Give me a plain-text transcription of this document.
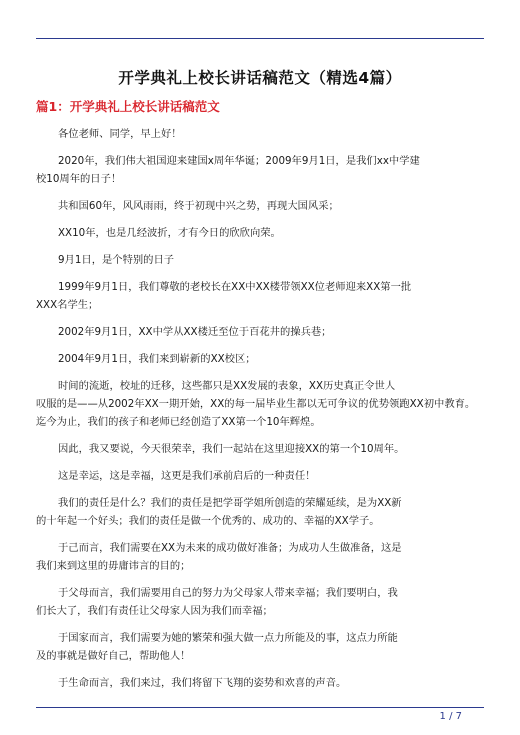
开学典礼上校长讲话稿范文（精选4篇）
篇1：开学典礼上校长讲话稿范文
各位老师、同学，早上好！
2020年，我们伟大祖国迎来建国x周年华诞；2009年9月1日，是我们xx中学建
校10周年的日子！
共和国60年，风风雨雨，终于初现中兴之势，再现大国风采；
XX10年，也是几经波折，才有今日的欣欣向荣。
9月1日，是个特别的日子
1999年9月1日，我们尊敬的老校长在XX中XX楼带领XX位老师迎来XX第一批
XXX名学生；
2002年9月1日，XX中学从XX楼迁至位于百花井的操兵巷；
2004年9月1日，我们来到崭新的XX校区；
时间的流逝，校址的迁移，这些都只是XX发展的表象，XX历史真正令世人
叹服的是——从2002年XX一期开始，XX的每一届毕业生都以无可争议的优势领跑XX初中教育。
迄今为止，我们的孩子和老师已经创造了XX第一个10年辉煌。
因此，我又要说，今天很荣幸，我们一起站在这里迎接XX的第一个10周年。
这是幸运，这是幸福，这更是我们承前启后的一种责任！
我们的责任是什么？我们的责任是把学哥学姐所创造的荣耀延续，是为XX新
的十年起一个好头；我们的责任是做一个优秀的、成功的、幸福的XX学子。
于己而言，我们需要在XX为未来的成功做好准备；为成功人生做准备，这是
我们来到这里的毋庸讳言的目的；
于父母而言，我们需要用自己的努力为父母家人带来幸福；我们要明白，我
们长大了，我们有责任让父母家人因为我们而幸福；
于国家而言，我们需要为她的繁荣和强大做一点力所能及的事，这点力所能
及的事就是做好自己，帮助他人！
于生命而言，我们来过，我们将留下飞翔的姿势和欢喜的声音。
1 / 7
